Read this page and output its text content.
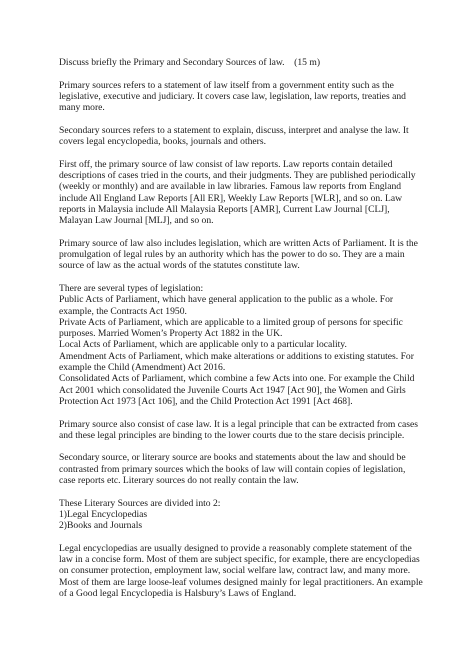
Discuss briefly the Primary and Secondary Sources of law.    (15 m)

Primary sources refers to a statement of law itself from a government entity such as the legislative, executive and judiciary. It covers case law, legislation, law reports, treaties and many more.

Secondary sources refers to a statement to explain, discuss, interpret and analyse the law. It covers legal encyclopedia, books, journals and others.

First off, the primary source of law consist of law reports. Law reports contain detailed descriptions of cases tried in the courts, and their judgments. They are published periodically (weekly or monthly) and are available in law libraries. Famous law reports from England include All England Law Reports [All ER], Weekly Law Reports [WLR], and so on. Law reports in Malaysia include All Malaysia Reports [AMR], Current Law Journal [CLJ], Malayan Law Journal [MLJ], and so on.

Primary source of law also includes legislation, which are written Acts of Parliament. It is the promulgation of legal rules by an authority which has the power to do so. They are a main source of law as the actual words of the statutes constitute law.

There are several types of legislation:

Public Acts of Parliament, which have general application to the public as a whole. For example, the Contracts Act 1950.

Private Acts of Parliament, which are applicable to a limited group of persons for specific purposes. Married Women’s Property Act 1882 in the UK.

Local Acts of Parliament, which are applicable only to a particular locality.

Amendment Acts of Parliament, which make alterations or additions to existing statutes. For example the Child (Amendment) Act 2016.

Consolidated Acts of Parliament, which combine a few Acts into one. For example the Child Act 2001 which consolidated the Juvenile Courts Act 1947 [Act 90], the Women and Girls Protection Act 1973 [Act 106], and the Child Protection Act 1991 [Act 468].

Primary source also consist of case law. It is a legal principle that can be extracted from cases and these legal principles are binding to the lower courts due to the stare decisis principle.

Secondary source, or literary source are books and statements about the law and should be contrasted from primary sources which the books of law will contain copies of legislation, case reports etc. Literary sources do not really contain the law.

These Literary Sources are divided into 2:

1)Legal Encyclopedias

2)Books and Journals

Legal encyclopedias are usually designed to provide a reasonably complete statement of the law in a concise form. Most of them are subject specific, for example, there are encyclopedias on consumer protection, employment law, social welfare law, contract law, and many more. Most of them are large loose-leaf volumes designed mainly for legal practitioners. An example of a Good legal Encyclopedia is Halsbury’s Laws of England.
